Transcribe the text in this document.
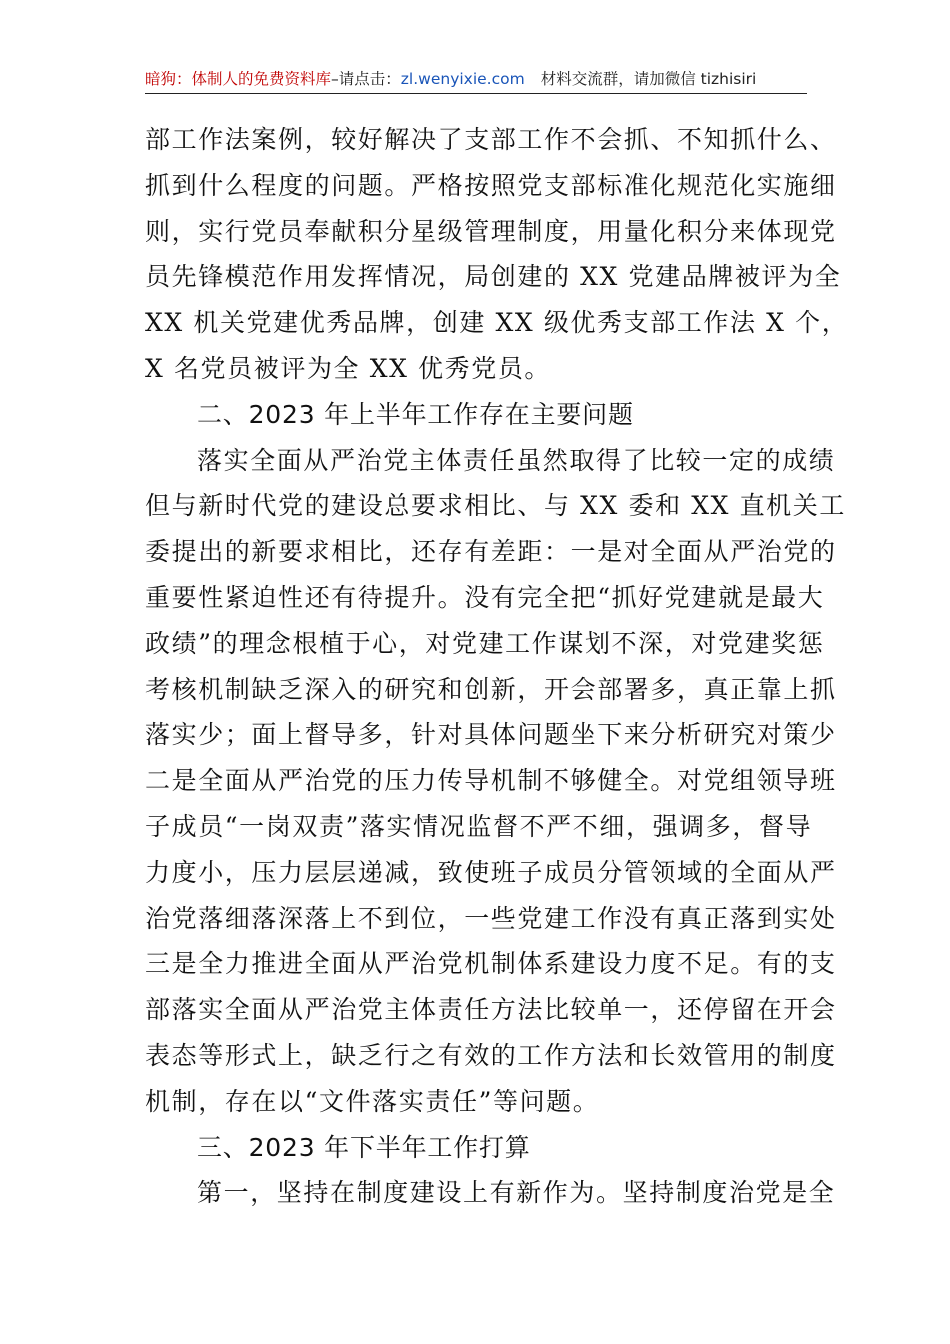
暗狗：体制人的免费资料库–请点击：zl.wenyixie.com 材料交流群，请加微信 tizhisiri
部工作法案例，较好解决了支部工作不会抓、不知抓什么、
抓到什么程度的问题。严格按照党支部标准化规范化实施细
则，实行党员奉献积分星级管理制度，用量化积分来体现党
员先锋模范作用发挥情况，局创建的 XX 党建品牌被评为全
XX 机关党建优秀品牌，创建 XX 级优秀支部工作法 X 个，
X 名党员被评为全 XX 优秀党员。
二、2023 年上半年工作存在主要问题
落实全面从严治党主体责任虽然取得了比较一定的成绩
但与新时代党的建设总要求相比、与 XX 委和 XX 直机关工
委提出的新要求相比，还存有差距：一是对全面从严治党的
重要性紧迫性还有待提升。没有完全把“抓好党建就是最大
政绩”的理念根植于心，对党建工作谋划不深，对党建奖惩
考核机制缺乏深入的研究和创新，开会部署多，真正靠上抓
落实少；面上督导多，针对具体问题坐下来分析研究对策少
二是全面从严治党的压力传导机制不够健全。对党组领导班
子成员“一岗双责”落实情况监督不严不细，强调多，督导
力度小，压力层层递减，致使班子成员分管领域的全面从严
治党落细落深落上不到位，一些党建工作没有真正落到实处
三是全力推进全面从严治党机制体系建设力度不足。有的支
部落实全面从严治党主体责任方法比较单一，还停留在开会
表态等形式上，缺乏行之有效的工作方法和长效管用的制度
机制，存在以“文件落实责任”等问题。
三、2023 年下半年工作打算
第一，坚持在制度建设上有新作为。坚持制度治党是全
